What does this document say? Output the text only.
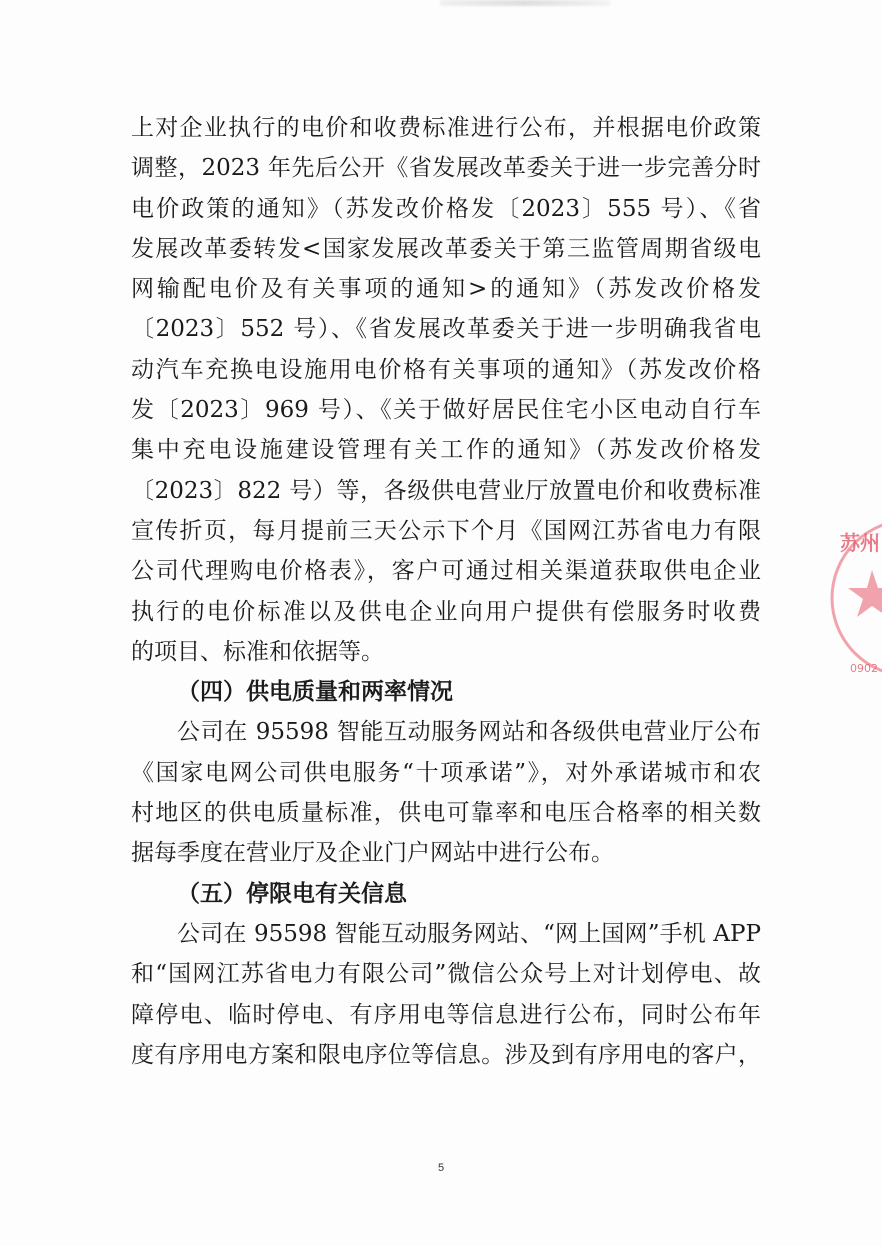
上对企业执行的电价和收费标准进行公布，并根据电价政策
调整，2023 年先后公开《省发展改革委关于进一步完善分时
电价政策的通知》（苏发改价格发〔2023〕555 号）、《省
发展改革委转发<国家发展改革委关于第三监管周期省级电
网输配电价及有关事项的通知>的通知》（苏发改价格发
〔2023〕552 号）、《省发展改革委关于进一步明确我省电
动汽车充换电设施用电价格有关事项的通知》（苏发改价格
发〔2023〕969 号）、《关于做好居民住宅小区电动自行车
集中充电设施建设管理有关工作的通知》（苏发改价格发
〔2023〕822 号）等，各级供电营业厅放置电价和收费标准
宣传折页，每月提前三天公示下个月《国网江苏省电力有限
公司代理购电价格表》，客户可通过相关渠道获取供电企业
执行的电价标准以及供电企业向用户提供有偿服务时收费
的项目、标准和依据等。
（四）供电质量和两率情况
公司在 95598 智能互动服务网站和各级供电营业厅公布
《国家电网公司供电服务“十项承诺”》，对外承诺城市和农
村地区的供电质量标准，供电可靠率和电压合格率的相关数
据每季度在营业厅及企业门户网站中进行公布。
（五）停限电有关信息
公司在 95598 智能互动服务网站、“网上国网”手机 APP
和“国网江苏省电力有限公司”微信公众号上对计划停电、故
障停电、临时停电、有序用电等信息进行公布，同时公布年
度有序用电方案和限电序位等信息。涉及到有序用电的客户，
苏州
0902
5
